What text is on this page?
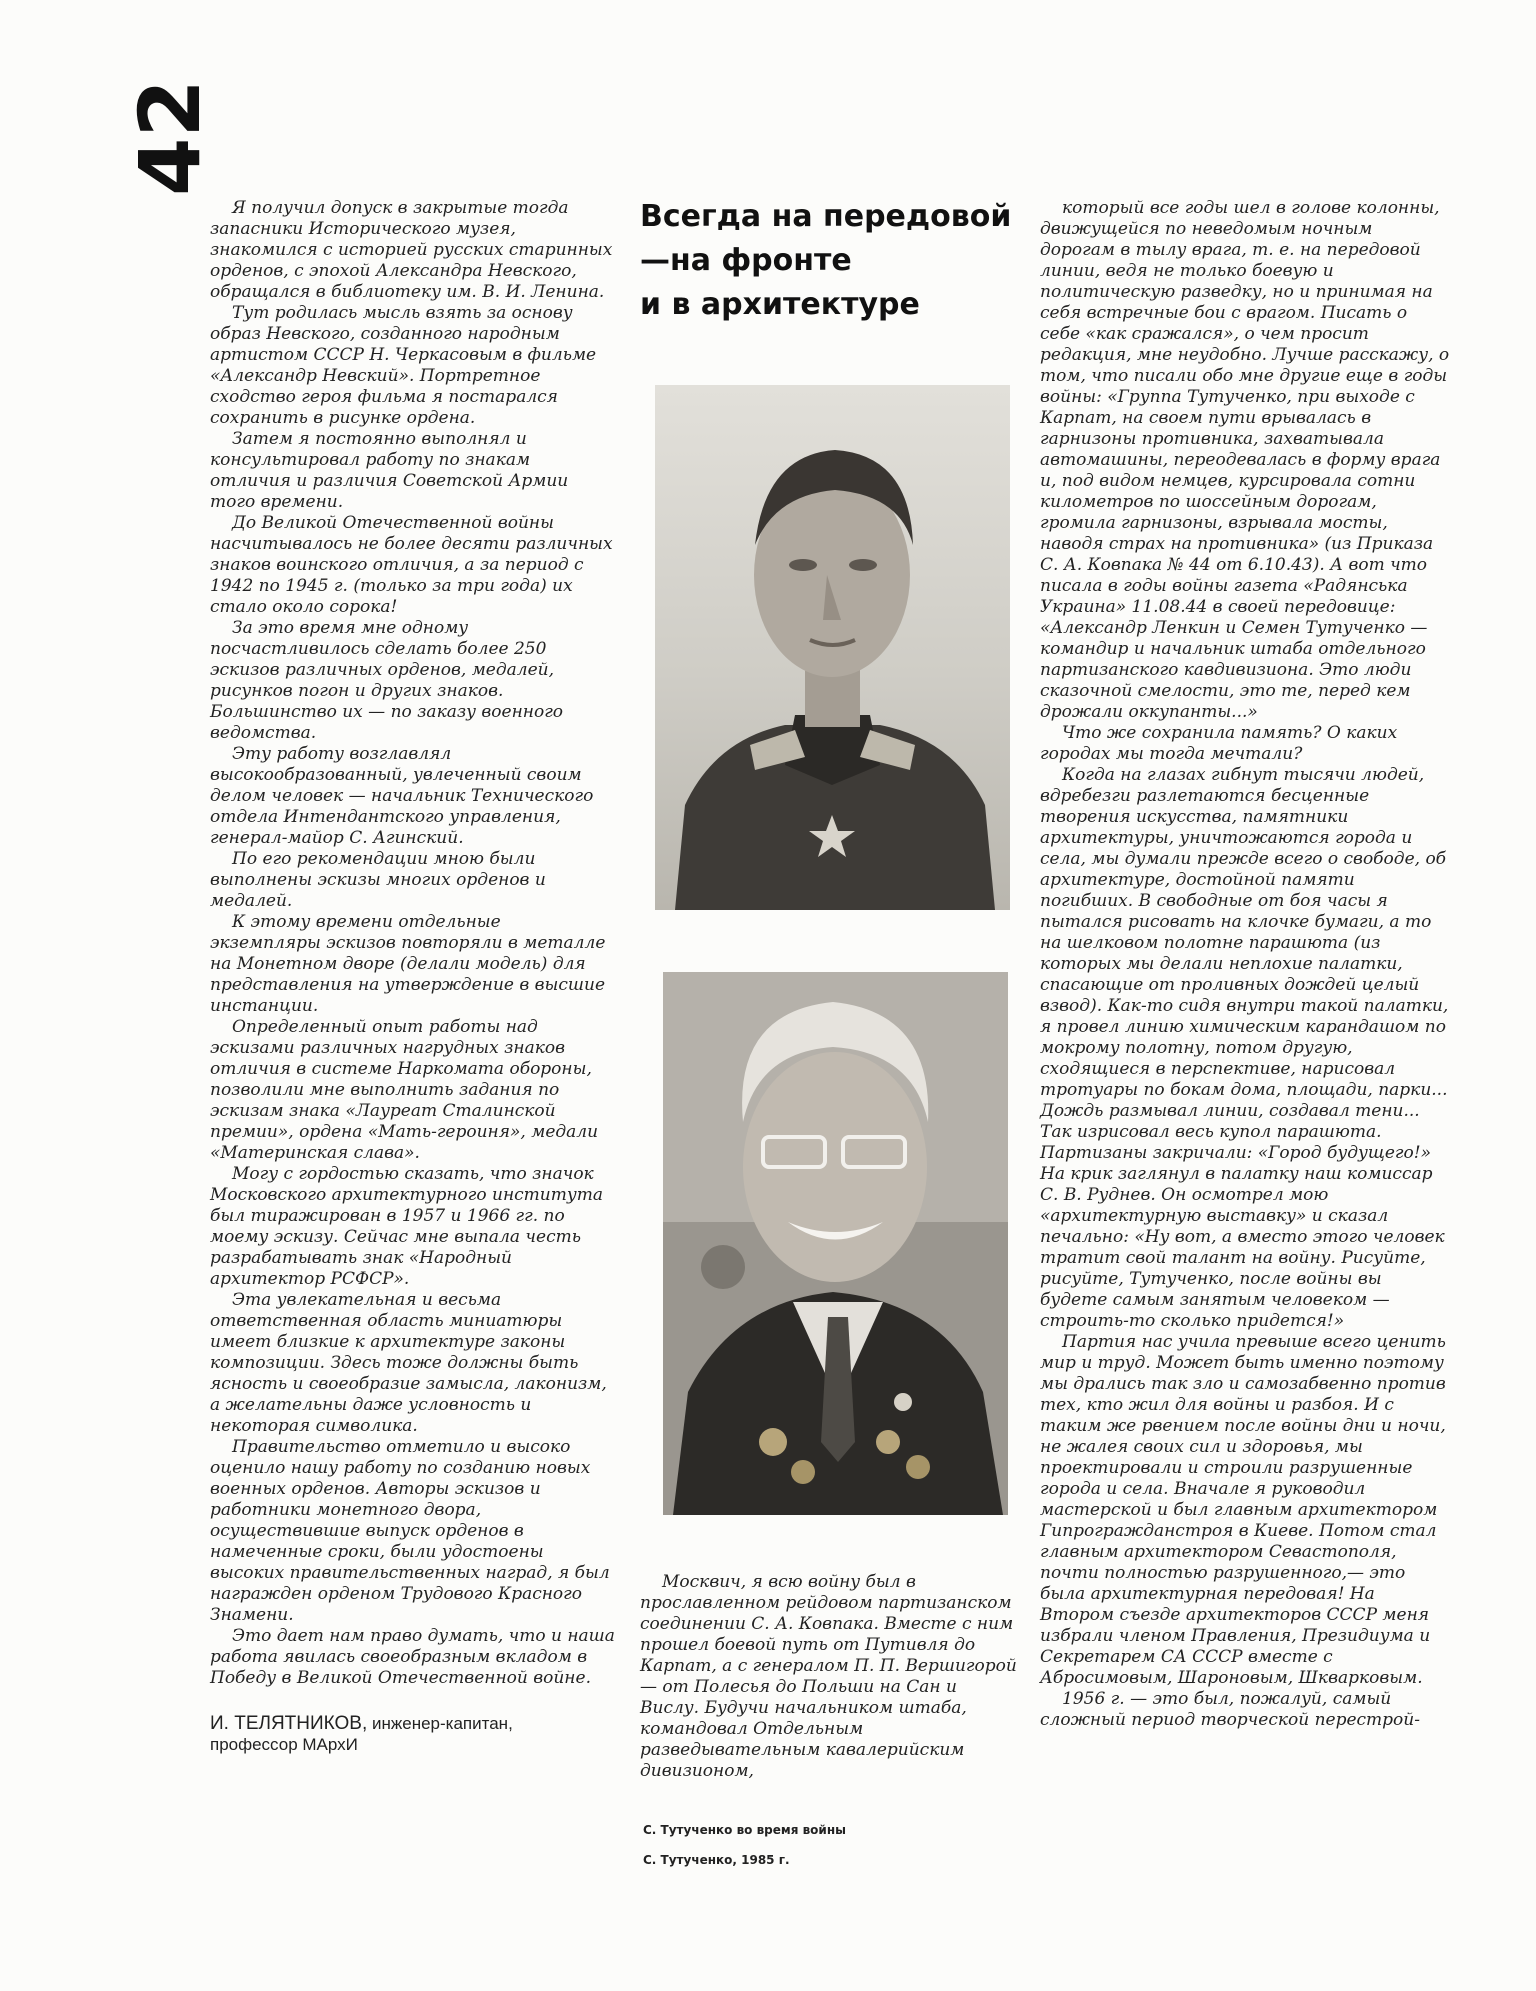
42

Я получил допуск в закрытые тогда запасники Исторического музея, знакомился с историей русских старинных орденов, с эпохой Александра Невского, обращался в библиотеку им. В. И. Ленина.

Тут родилась мысль взять за основу образ Невского, созданного народным артистом СССР Н. Черкасовым в фильме «Александр Невский». Портретное сходство героя фильма я постарался сохранить в рисунке ордена.

Затем я постоянно выполнял и консультировал работу по знакам отличия и различия Советской Армии того времени.

До Великой Отечественной войны насчитывалось не более десяти различных знаков воинского отличия, а за период с 1942 по 1945 г. (только за три года) их стало около сорока!

За это время мне одному посчастливилось сделать более 250 эскизов различных орденов, медалей, рисунков погон и других знаков. Большинство их — по заказу военного ведомства.

Эту работу возглавлял высокообразованный, увлеченный своим делом человек — начальник Технического отдела Интендантского управления, генерал-майор С. Агинский.

По его рекомендации мною были выполнены эскизы многих орденов и медалей.

К этому времени отдельные экземпляры эскизов повторяли в металле на Монетном дворе (делали модель) для представления на утверждение в высшие инстанции.

Определенный опыт работы над эскизами различных нагрудных знаков отличия в системе Наркомата обороны, позволили мне выполнить задания по эскизам знака «Лауреат Сталинской премии», ордена «Мать-героиня», медали «Материнская слава».

Могу с гордостью сказать, что значок Московского архитектурного института был тиражирован в 1957 и 1966 гг. по моему эскизу. Сейчас мне выпала честь разрабатывать знак «Народный архитектор РСФСР».

Эта увлекательная и весьма ответственная область миниатюры имеет близкие к архитектуре законы композиции. Здесь тоже должны быть ясность и своеобразие замысла, лаконизм, а желательны даже условность и некоторая символика.

Правительство отметило и высоко оценило нашу работу по созданию новых военных орденов. Авторы эскизов и работники монетного двора, осуществившие выпуск орденов в намеченные сроки, были удостоены высоких правительственных наград, я был награжден орденом Трудового Красного Знамени.

Это дает нам право думать, что и наша работа явилась своеобразным вкладом в Победу в Великой Отечественной войне.

И. ТЕЛЯТНИКОВ, инженер-капитан,
профессор МАрхИ
Всегда на передовой
—на фронте
и в архитектуре

Москвич, я всю войну был в прославленном рейдовом партизанском соединении С. А. Ковпака. Вместе с ним прошел боевой путь от Путивля до Карпат, а с генералом П. П. Вершигорой — от Полесья до Польши на Сан и Вислу. Будучи начальником штаба, командовал Отдельным разведывательным кавалерийским дивизионом,

который все годы шел в голове колонны, движущейся по неведомым ночным дорогам в тылу врага, т. е. на передовой линии, ведя не только боевую и политическую разведку, но и принимая на себя встречные бои с врагом. Писать о себе «как сражался», о чем просит редакция, мне неудобно. Лучше расскажу, о том, что писали обо мне другие еще в годы войны: «Группа Тутученко, при выходе с Карпат, на своем пути врывалась в гарнизоны противника, захватывала автомашины, переодевалась в форму врага и, под видом немцев, курсировала сотни километров по шоссейным дорогам, громила гарнизоны, взрывала мосты, наводя страх на противника» (из Приказа С. А. Ковпака № 44 от 6.10.43). А вот что писала в годы войны газета «Радянська Украина» 11.08.44 в своей передовице: «Александр Ленкин и Семен Тутученко — командир и начальник штаба отдельного партизанского кавдивизиона. Это люди сказочной смелости, это те, перед кем дрожали оккупанты...»

Что же сохранила память? О каких городах мы тогда мечтали?

Когда на глазах гибнут тысячи людей, вдребезги разлетаются бесценные творения искусства, памятники архитектуры, уничтожаются города и села, мы думали прежде всего о свободе, об архитектуре, достойной памяти погибших. В свободные от боя часы я пытался рисовать на клочке бумаги, а то на шелковом полотне парашюта (из которых мы делали неплохие палатки, спасающие от проливных дождей целый взвод). Как-то сидя внутри такой палатки, я провел линию химическим карандашом по мокрому полотну, потом другую, сходящиеся в перспективе, нарисовал тротуары по бокам дома, площади, парки... Дождь размывал линии, создавал тени... Так изрисовал весь купол парашюта. Партизаны закричали: «Город будущего!» На крик заглянул в палатку наш комиссар С. В. Руднев. Он осмотрел мою «архитектурную выставку» и сказал печально: «Ну вот, а вместо этого человек тратит свой талант на войну. Рисуйте, рисуйте, Тутученко, после войны вы будете самым занятым человеком — строить-то сколько придется!»

Партия нас учила превыше всего ценить мир и труд. Может быть именно поэтому мы дрались так зло и самозабвенно против тех, кто жил для войны и разбоя. И с таким же рвением после войны дни и ночи, не жалея своих сил и здоровья, мы проектировали и строили разрушенные города и села. Вначале я руководил мастерской и был главным архитектором Гипрогражданстроя в Киеве. Потом стал главным архитектором Севастополя, почти полностью разрушенного,— это была архитектурная передовая! На Втором съезде архитекторов СССР меня избрали членом Правления, Президиума и Секретарем СА СССР вместе с Абросимовым, Шароновым, Шкварковым.

1956 г. — это был, пожалуй, самый сложный период творческой перестрой-

С. Тутученко во время войны
С. Тутученко, 1985 г.
